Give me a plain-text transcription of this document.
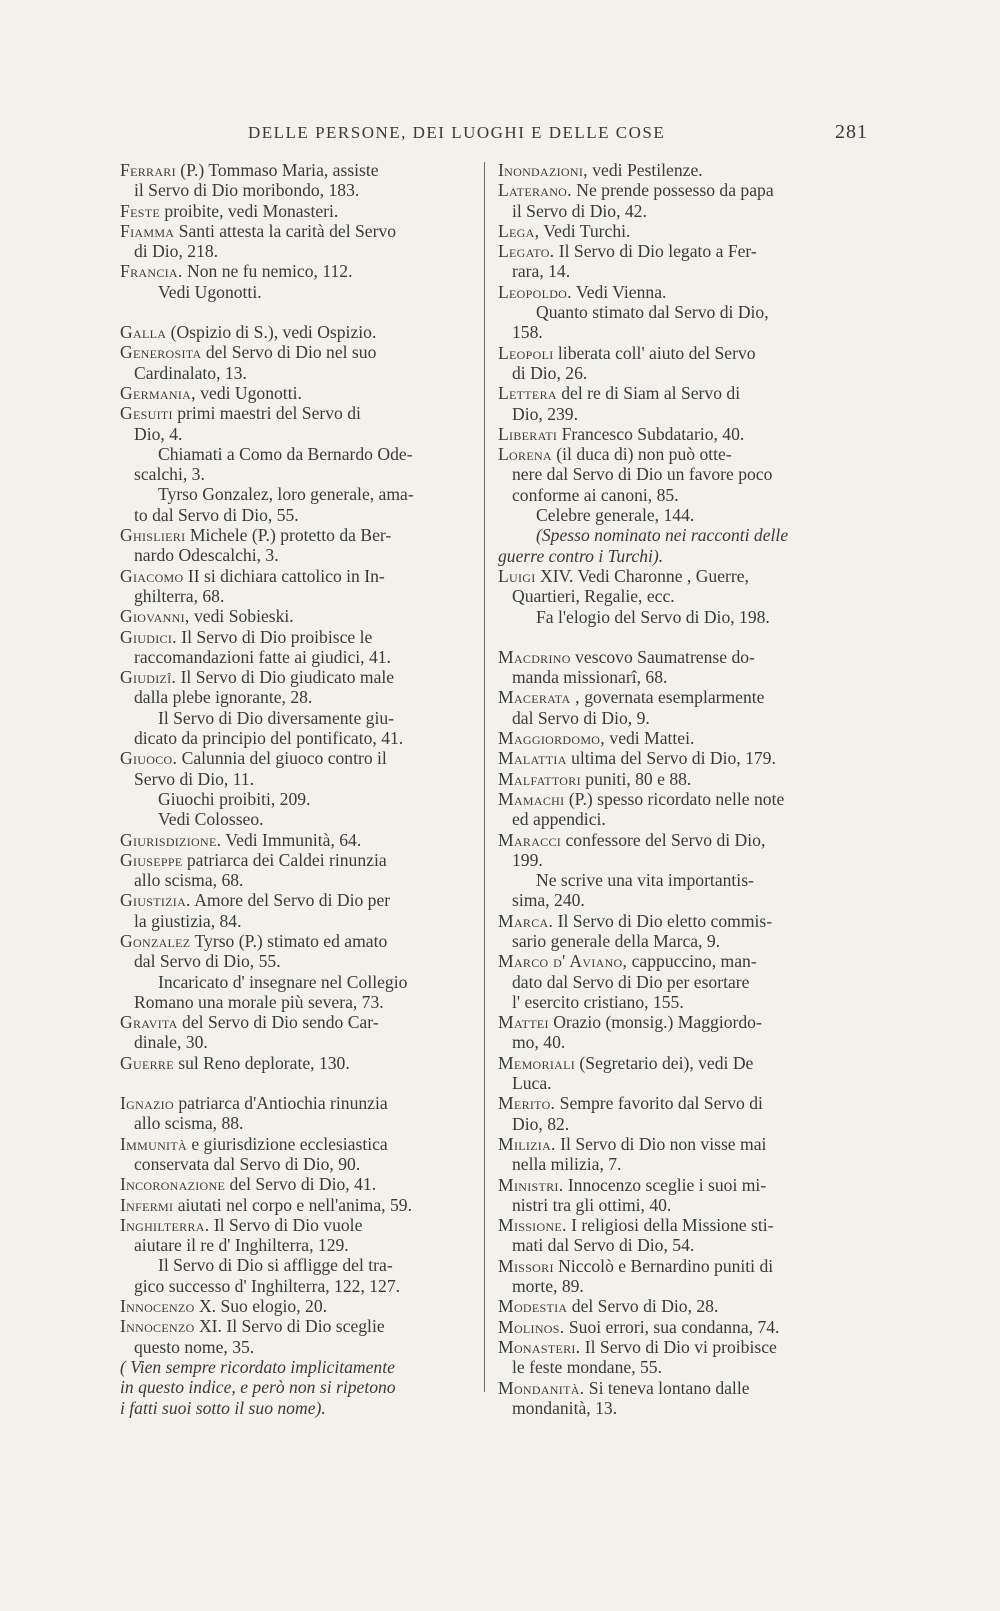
DELLE PERSONE, DEI LUOGHI E DELLE COSE	281
Ferrari (P.) Tommaso Maria, assiste
il Servo di Dio moribondo, 183.
Feste proibite, vedi Monasteri.
Fiamma Santi attesta la carità del Servo
di Dio, 218.
Francia. Non ne fu nemico, 112.
Vedi Ugonotti.
Galla (Ospizio di S.), vedi Ospizio.
Generosita del Servo di Dio nel suo
Cardinalato, 13.
Germania, vedi Ugonotti.
Gesuiti primi maestri del Servo di
Dio, 4.
Chiamati a Como da Bernardo Ode-
scalchi, 3.
Tyrso Gonzalez, loro generale, ama-
to dal Servo di Dio, 55.
Ghislieri Michele (P.) protetto da Ber-
nardo Odescalchi, 3.
Giacomo II si dichiara cattolico in In-
ghilterra, 68.
Giovanni, vedi Sobieski.
Giudici. Il Servo di Dio proibisce le
raccomandazioni fatte ai giudici, 41.
Giudizî. Il Servo di Dio giudicato male
dalla plebe ignorante, 28.
Il Servo di Dio diversamente giu-
dicato da principio del pontificato, 41.
Giuoco. Calunnia del giuoco contro il
Servo di Dio, 11.
Giuochi proibiti, 209.
Vedi Colosseo.
Giurisdizione. Vedi Immunità, 64.
Giuseppe patriarca dei Caldei rinunzia
allo scisma, 68.
Giustizia. Amore del Servo di Dio per
la giustizia, 84.
Gonzalez Tyrso (P.) stimato ed amato
dal Servo di Dio, 55.
Incaricato d' insegnare nel Collegio
Romano una morale più severa, 73.
Gravita del Servo di Dio sendo Car-
dinale, 30.
Guerre sul Reno deplorate, 130.
Ignazio patriarca d'Antiochia rinunzia
allo scisma, 88.
Immunità e giurisdizione ecclesiastica
conservata dal Servo di Dio, 90.
Incoronazione del Servo di Dio, 41.
Infermi aiutati nel corpo e nell'anima, 59.
Inghilterra. Il Servo di Dio vuole
aiutare il re d' Inghilterra, 129.
Il Servo di Dio si affligge del tra-
gico successo d' Inghilterra, 122, 127.
Innocenzo X. Suo elogio, 20.
Innocenzo XI. Il Servo di Dio sceglie
questo nome, 35.
( Vien sempre ricordato implicitamente
in questo indice, e però non si ripetono
i fatti suoi sotto il suo nome).
Inondazioni, vedi Pestilenze.
Laterano. Ne prende possesso da papa
il Servo di Dio, 42.
Lega, Vedi Turchi.
Legato. Il Servo di Dio legato a Fer-
rara, 14.
Leopoldo. Vedi Vienna.
Quanto stimato dal Servo di Dio,
158.
Leopoli liberata coll' aiuto del Servo
di Dio, 26.
Lettera del re di Siam al Servo di
Dio, 239.
Liberati Francesco Subdatario, 40.
Lorena (il duca di) non può otte-
nere dal Servo di Dio un favore poco
conforme ai canoni, 85.
Celebre generale, 144.
(Spesso nominato nei racconti delle
guerre contro i Turchi).
Luigi XIV. Vedi Charonne , Guerre,
Quartieri, Regalie, ecc.
Fa l'elogio del Servo di Dio, 198.
Macdrino vescovo Saumatrense do-
manda missionarî, 68.
Macerata , governata esemplarmente
dal Servo di Dio, 9.
Maggiordomo, vedi Mattei.
Malattia ultima del Servo di Dio, 179.
Malfattori puniti, 80 e 88.
Mamachi (P.) spesso ricordato nelle note
ed appendici.
Maracci confessore del Servo di Dio,
199.
Ne scrive una vita importantis-
sima, 240.
Marca. Il Servo di Dio eletto commis-
sario generale della Marca, 9.
Marco d' Aviano, cappuccino, man-
dato dal Servo di Dio per esortare
l' esercito cristiano, 155.
Mattei Orazio (monsig.) Maggiordo-
mo, 40.
Memoriali (Segretario dei), vedi De
Luca.
Merito. Sempre favorito dal Servo di
Dio, 82.
Milizia. Il Servo di Dio non visse mai
nella milizia, 7.
Ministri. Innocenzo sceglie i suoi mi-
nistri tra gli ottimi, 40.
Missione. I religiosi della Missione sti-
mati dal Servo di Dio, 54.
Missori Niccolò e Bernardino puniti di
morte, 89.
Modestia del Servo di Dio, 28.
Molinos. Suoi errori, sua condanna, 74.
Monasteri. Il Servo di Dio vi proibisce
le feste mondane, 55.
Mondanità. Si teneva lontano dalle
mondanità, 13.
